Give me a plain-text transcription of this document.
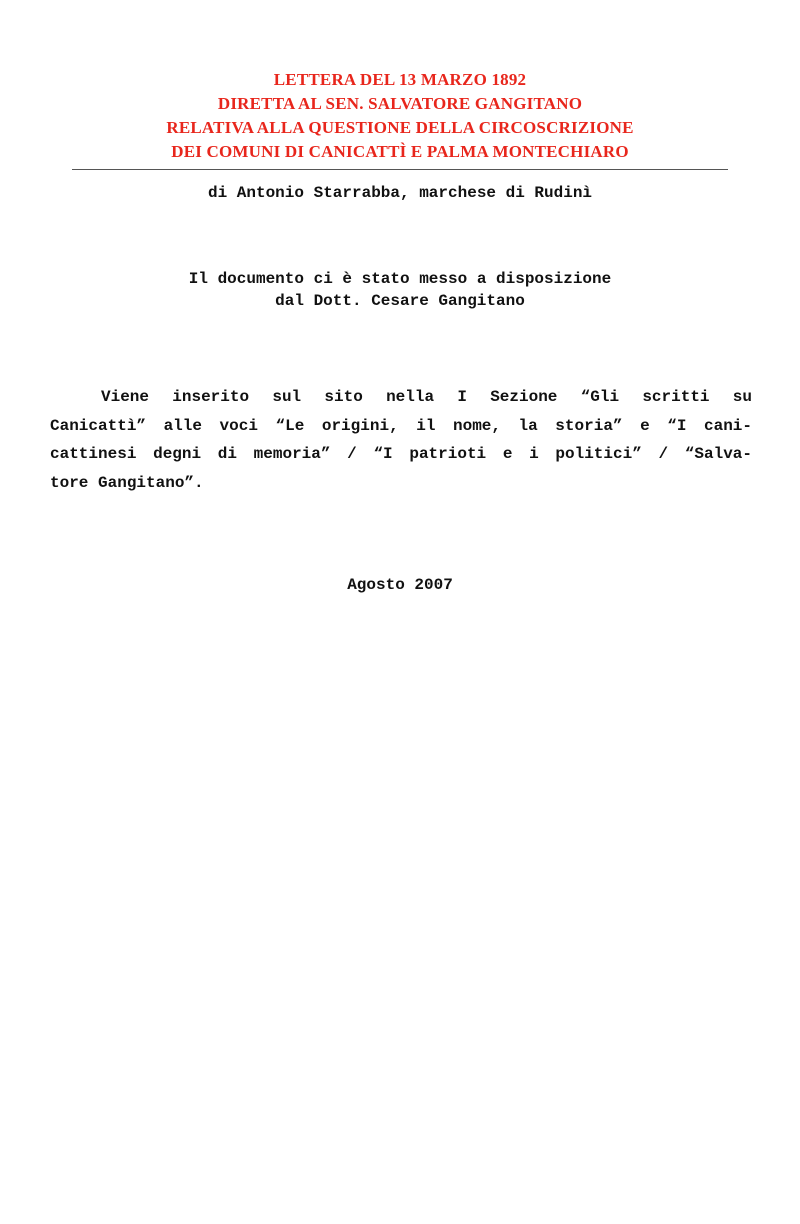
LETTERA DEL 13 MARZO 1892
DIRETTA AL SEN. SALVATORE GANGITANO
RELATIVA ALLA QUESTIONE DELLA CIRCOSCRIZIONE
DEI COMUNI DI CANICATTÌ E PALMA MONTECHIARO
di Antonio Starrabba, marchese di Rudinì
Il documento ci è stato messo a disposizione
dal Dott. Cesare Gangitano
Viene inserito sul sito nella I Sezione “Gli scritti su
Canicattì” alle voci “Le origini, il nome, la storia” e “I cani-
cattinesi degni di memoria” / “I patrioti e i politici” / “Salva-
tore Gangitano”.
Agosto 2007
